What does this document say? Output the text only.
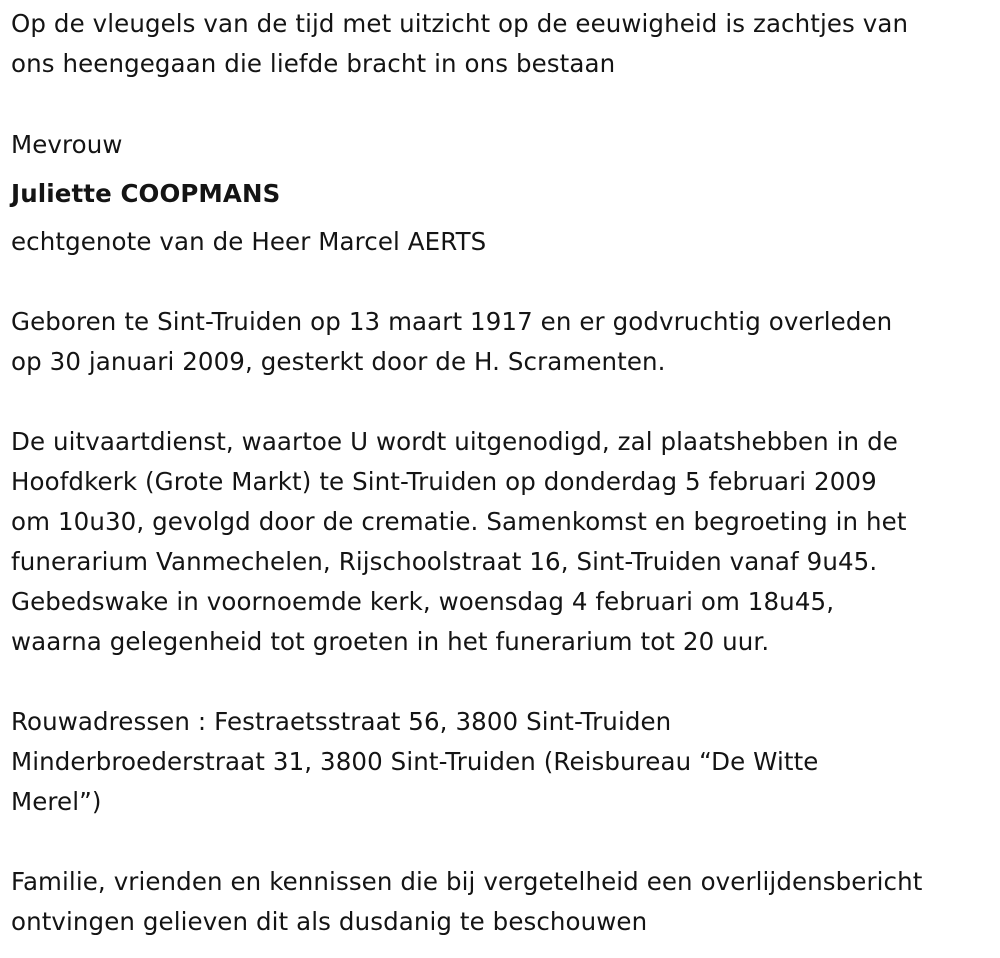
Op de vleugels van de tijd met uitzicht op de eeuwigheid is zachtjes van
ons heengegaan die liefde bracht in ons bestaan
Mevrouw
Juliette COOPMANS
echtgenote van de Heer Marcel AERTS
Geboren te Sint-Truiden op 13 maart 1917 en er godvruchtig overleden
op 30 januari 2009, gesterkt door de H. Scramenten.
De uitvaartdienst, waartoe U wordt uitgenodigd, zal plaatshebben in de
Hoofdkerk (Grote Markt) te Sint-Truiden op donderdag 5 februari 2009
om 10u30, gevolgd door de crematie. Samenkomst en begroeting in het
funerarium Vanmechelen, Rijschoolstraat 16, Sint-Truiden vanaf 9u45.
Gebedswake in voornoemde kerk, woensdag 4 februari om 18u45,
waarna gelegenheid tot groeten in het funerarium tot 20 uur.
Rouwadressen : Festraetsstraat 56, 3800 Sint-Truiden
Minderbroederstraat 31, 3800 Sint-Truiden (Reisbureau “De Witte
Merel”)
Familie, vrienden en kennissen die bij vergetelheid een overlijdensbericht
ontvingen gelieven dit als dusdanig te beschouwen
